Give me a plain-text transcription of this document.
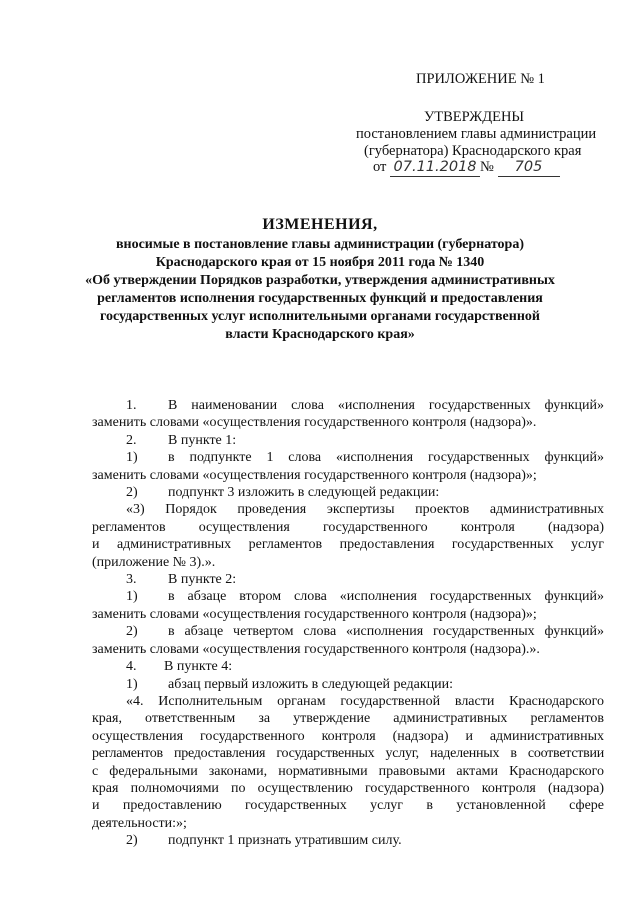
ПРИЛОЖЕНИЕ № 1
УТВЕРЖДЕНЫ
постановлением главы администрации
(губернатора) Краснодарского края
от 07.11.2018 № 705
ИЗМЕНЕНИЯ,
вносимые в постановление главы администрации (губернатора)
Краснодарского края от 15 ноября 2011 года № 1340
«Об утверждении Порядков разработки, утверждения административных
регламентов исполнения государственных функций и предоставления
государственных услуг исполнительными органами государственной
власти Краснодарского края»
1. В наименовании слова «исполнения государственных функций»
заменить словами «осуществления государственного контроля (надзора)».
2. В пункте 1:
1) в подпункте 1 слова «исполнения государственных функций»
заменить словами «осуществления государственного контроля (надзора)»;
2) подпункт 3 изложить в следующей редакции:
«3) Порядок проведения экспертизы проектов административных
регламентов осуществления государственного контроля (надзора)
и административных регламентов предоставления государственных услуг
(приложение № 3).».
3. В пункте 2:
1) в абзаце втором слова «исполнения государственных функций»
заменить словами «осуществления государственного контроля (надзора)»;
2) в абзаце четвертом слова «исполнения государственных функций»
заменить словами «осуществления государственного контроля (надзора).».
4. В пункте 4:
1) абзац первый изложить в следующей редакции:
«4. Исполнительным органам государственной власти Краснодарского
края, ответственным за утверждение административных регламентов
осуществления государственного контроля (надзора) и административных
регламентов предоставления государственных услуг, наделенных в соответствии
с федеральными законами, нормативными правовыми актами Краснодарского
края полномочиями по осуществлению государственного контроля (надзора)
и предоставлению государственных услуг в установленной сфере
деятельности:»;
2) подпункт 1 признать утратившим силу.
